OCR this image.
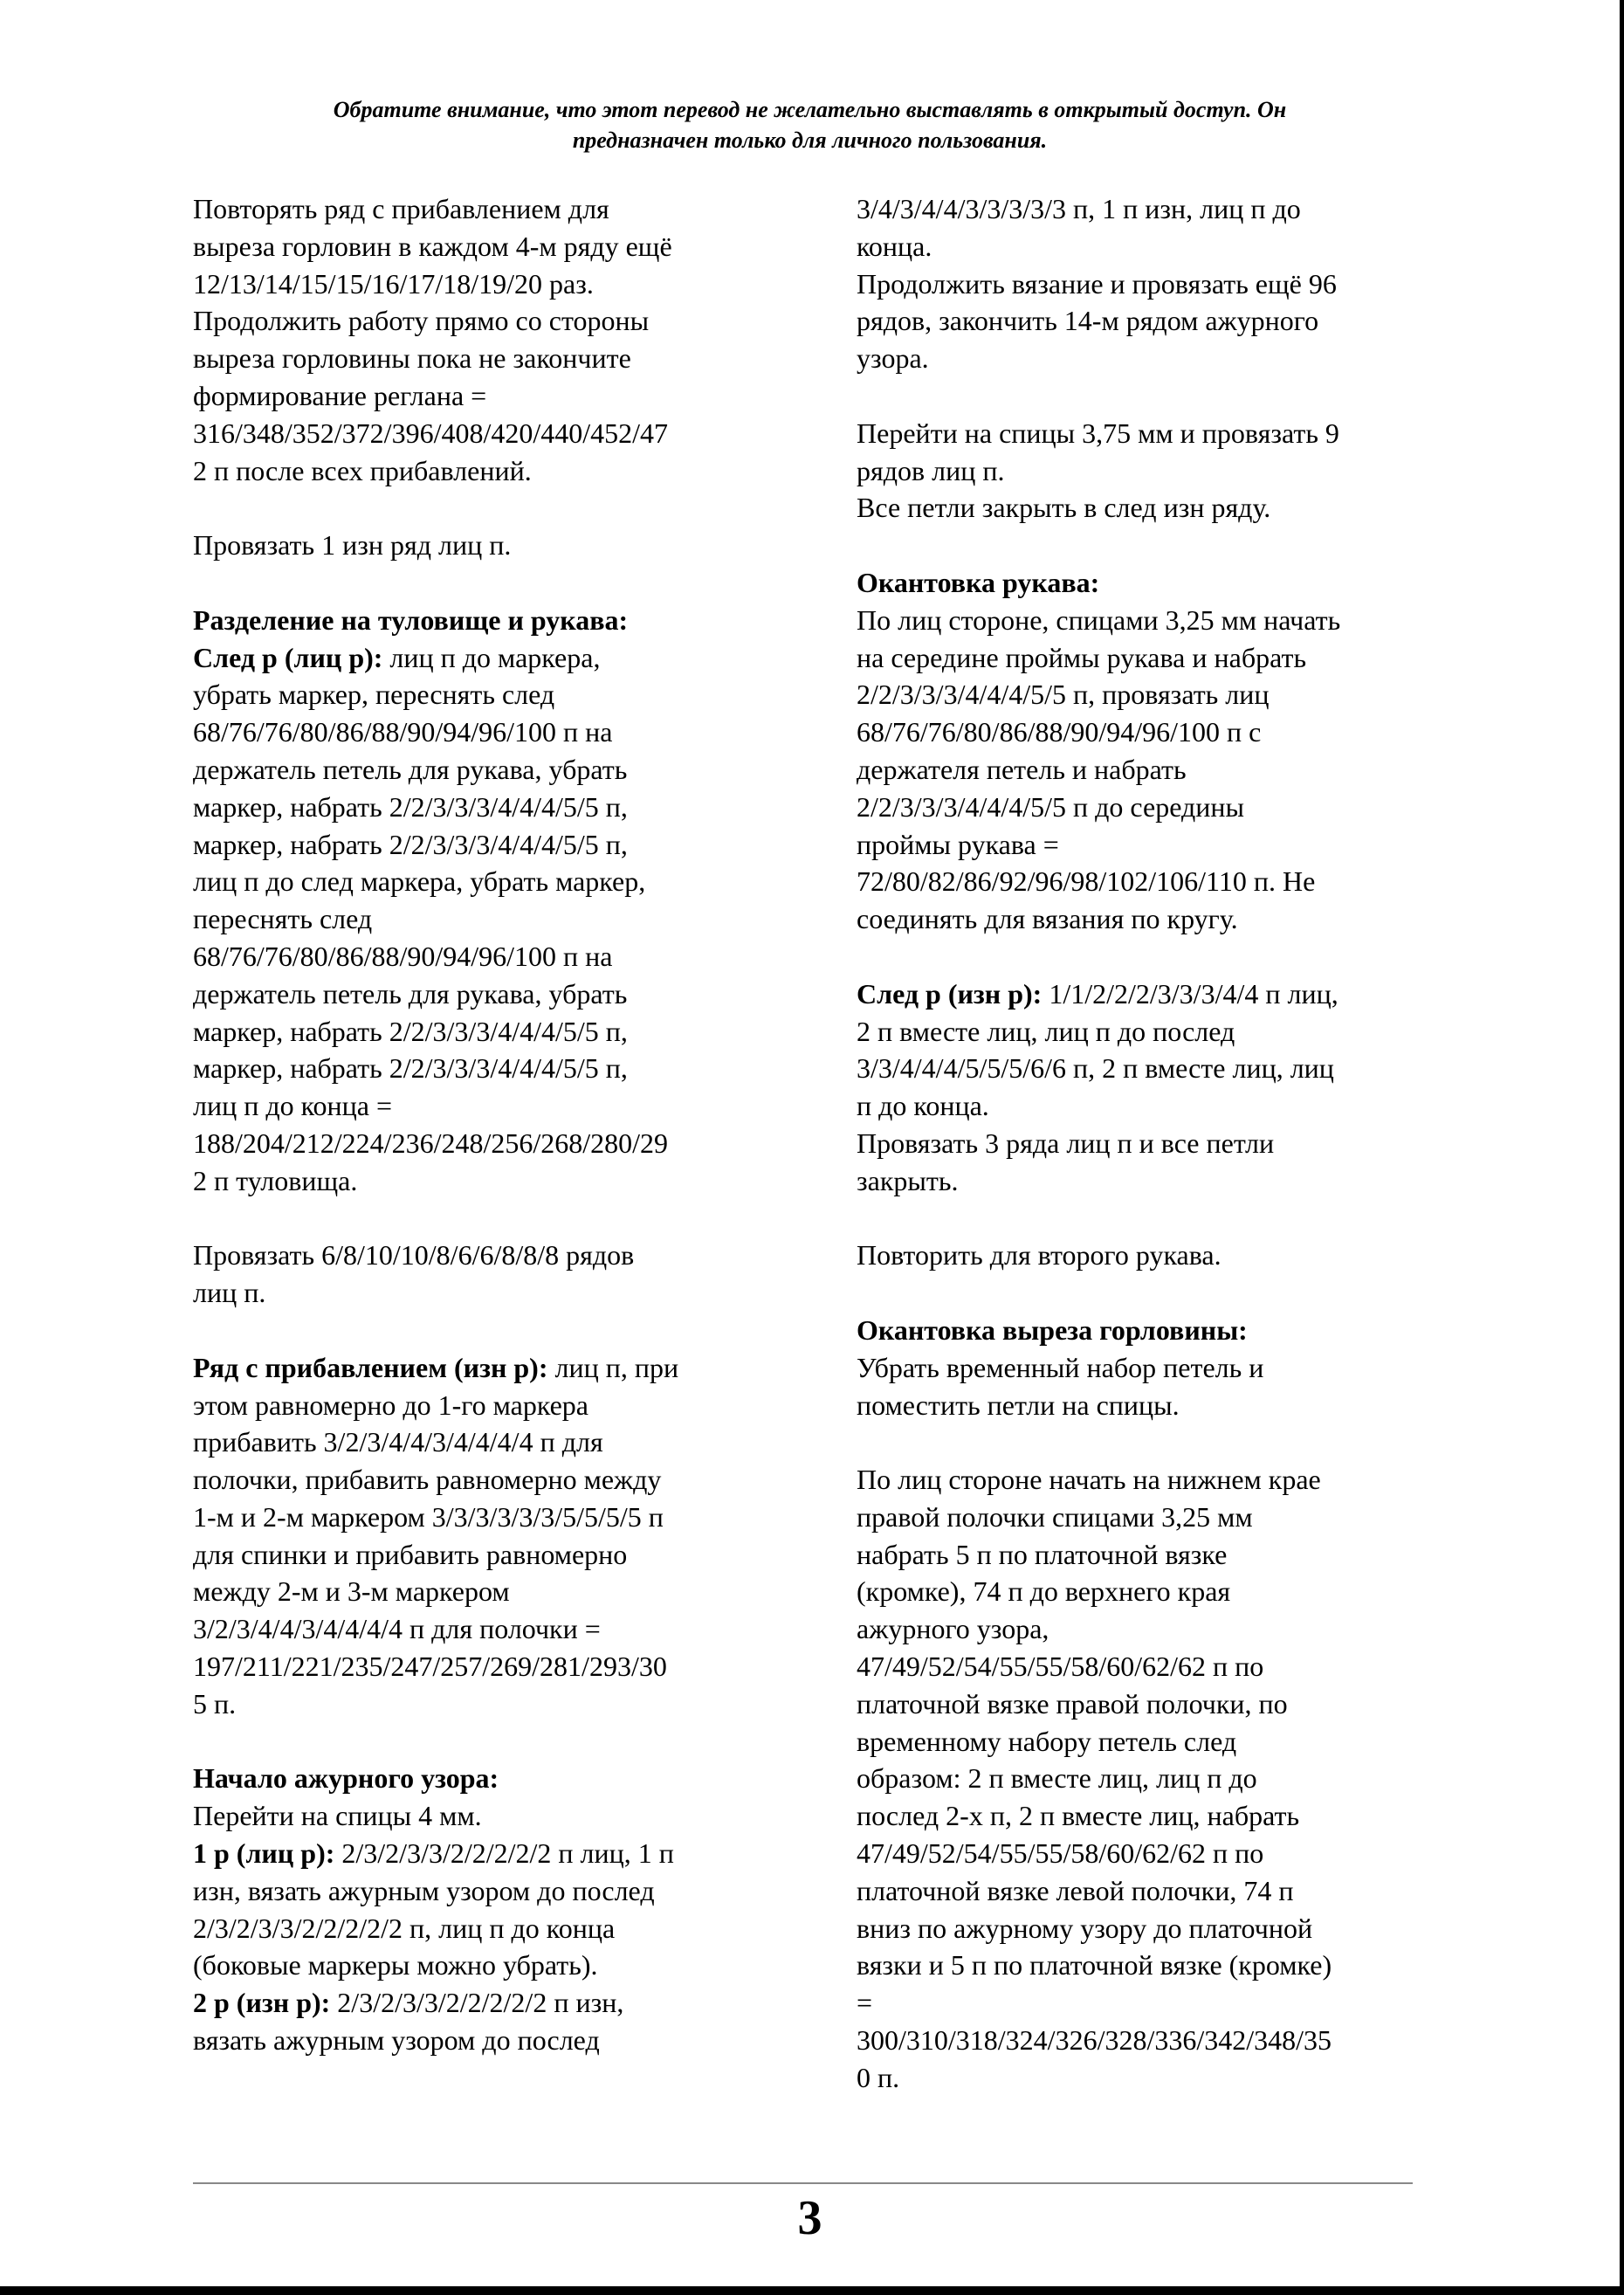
Обратите внимание, что этот перевод не желательно выставлять в открытый доступ. Он
предназначен только для личного пользования.
Повторять ряд с прибавлением для
выреза горловин в каждом 4-м ряду ещё
12/13/14/15/15/16/17/18/19/20 раз.
Продолжить работу прямо со стороны
выреза горловины пока не закончите
формирование реглана =
316/348/352/372/396/408/420/440/452/47
2 п после всех прибавлений.
Провязать 1 изн ряд лиц п.
Разделение на туловище и рукава:
След р (лиц р): лиц п до маркера,
убрать маркер, переснять след
68/76/76/80/86/88/90/94/96/100 п на
держатель петель для рукава, убрать
маркер, набрать 2/2/3/3/3/4/4/4/5/5 п,
маркер, набрать 2/2/3/3/3/4/4/4/5/5 п,
лиц п до след маркера, убрать маркер,
переснять след
68/76/76/80/86/88/90/94/96/100 п на
держатель петель для рукава, убрать
маркер, набрать 2/2/3/3/3/4/4/4/5/5 п,
маркер, набрать 2/2/3/3/3/4/4/4/5/5 п,
лиц п до конца =
188/204/212/224/236/248/256/268/280/29
2 п туловища.
Провязать 6/8/10/10/8/6/6/8/8/8 рядов
лиц п.
Ряд с прибавлением (изн р): лиц п, при
этом равномерно до 1-го маркера
прибавить 3/2/3/4/4/3/4/4/4/4 п для
полочки, прибавить равномерно между
1-м и 2-м маркером 3/3/3/3/3/3/5/5/5/5 п
для спинки и прибавить равномерно
между 2-м и 3-м маркером
3/2/3/4/4/3/4/4/4/4 п для полочки =
197/211/221/235/247/257/269/281/293/30
5 п.
Начало ажурного узора:
Перейти на спицы 4 мм.
1 р (лиц р): 2/3/2/3/3/2/2/2/2/2 п лиц, 1 п
изн, вязать ажурным узором до послед
2/3/2/3/3/2/2/2/2/2 п, лиц п до конца
(боковые маркеры можно убрать).
2 р (изн р): 2/3/2/3/3/2/2/2/2/2 п изн,
вязать ажурным узором до послед
3/4/3/4/4/3/3/3/3/3 п, 1 п изн, лиц п до
конца.
Продолжить вязание и провязать ещё 96
рядов, закончить 14-м рядом ажурного
узора.
Перейти на спицы 3,75 мм и провязать 9
рядов лиц п.
Все петли закрыть в след изн ряду.
Окантовка рукава:
По лиц стороне, спицами 3,25 мм начать
на середине проймы рукава и набрать
2/2/3/3/3/4/4/4/5/5 п, провязать лиц
68/76/76/80/86/88/90/94/96/100 п с
держателя петель и набрать
2/2/3/3/3/4/4/4/5/5 п до середины
проймы рукава =
72/80/82/86/92/96/98/102/106/110 п. Не
соединять для вязания по кругу.
След р (изн р): 1/1/2/2/2/3/3/3/4/4 п лиц,
2 п вместе лиц, лиц п до послед
3/3/4/4/4/5/5/5/6/6 п, 2 п вместе лиц, лиц
п до конца.
Провязать 3 ряда лиц п и все петли
закрыть.
Повторить для второго рукава.
Окантовка выреза горловины:
Убрать временный набор петель и
поместить петли на спицы.
По лиц стороне начать на нижнем крае
правой полочки спицами 3,25 мм
набрать 5 п по платочной вязке
(кромке), 74 п до верхнего края
ажурного узора,
47/49/52/54/55/55/58/60/62/62 п по
платочной вязке правой полочки, по
временному набору петель след
образом: 2 п вместе лиц, лиц п до
послед 2-х п, 2 п вместе лиц, набрать
47/49/52/54/55/55/58/60/62/62 п по
платочной вязке левой полочки, 74 п
вниз по ажурному узору до платочной
вязки и 5 п по платочной вязке (кромке)
=
300/310/318/324/326/328/336/342/348/35
0 п.
3
